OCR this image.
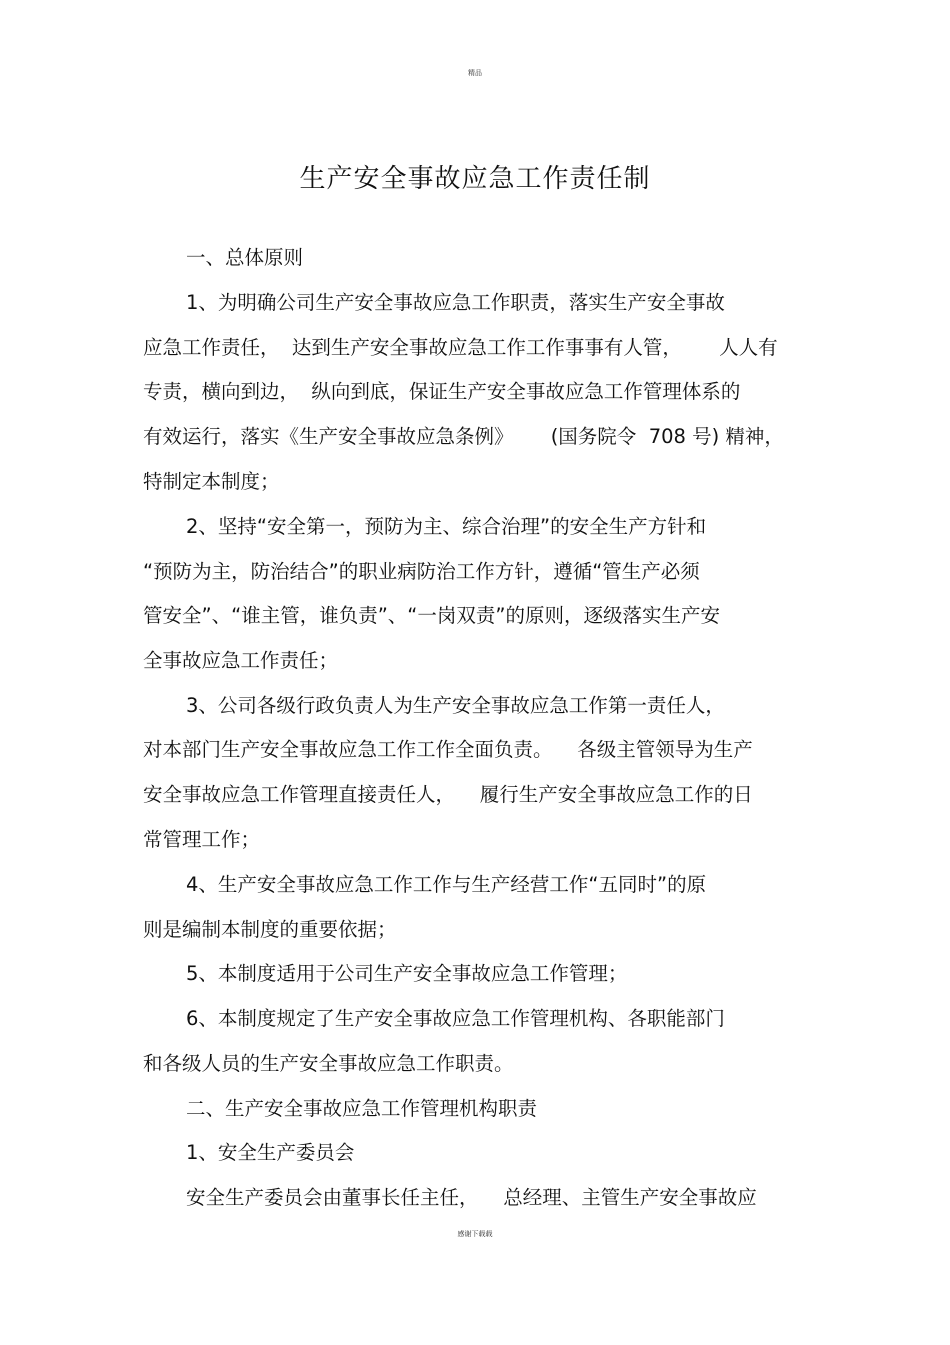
精品
生产安全事故应急工作责任制
一、总体原则
1、为明确公司生产安全事故应急工作职责，落实生产安全事故
应急工作责任，  达到生产安全事故应急工作工作事事有人管，      人人有
专责，横向到边，  纵向到底，保证生产安全事故应急工作管理体系的
有效运行，落实《生产安全事故应急条例》      (国务院令  708 号) 精神，
特制定本制度；
2、坚持“安全第一，预防为主、综合治理”的安全生产方针和
“预防为主，防治结合”的职业病防治工作方针，遵循“管生产必须
管安全”、“谁主管，谁负责”、“一岗双责”的原则，逐级落实生产安
全事故应急工作责任；
3、公司各级行政负责人为生产安全事故应急工作第一责任人，
对本部门生产安全事故应急工作工作全面负责。    各级主管领导为生产
安全事故应急工作管理直接责任人，    履行生产安全事故应急工作的日
常管理工作；
4、生产安全事故应急工作工作与生产经营工作“五同时”的原
则是编制本制度的重要依据；
5、本制度适用于公司生产安全事故应急工作管理；
6、本制度规定了生产安全事故应急工作管理机构、各职能部门
和各级人员的生产安全事故应急工作职责。
二、生产安全事故应急工作管理机构职责
1、安全生产委员会
安全生产委员会由董事长任主任，    总经理、主管生产安全事故应
感谢下载载
